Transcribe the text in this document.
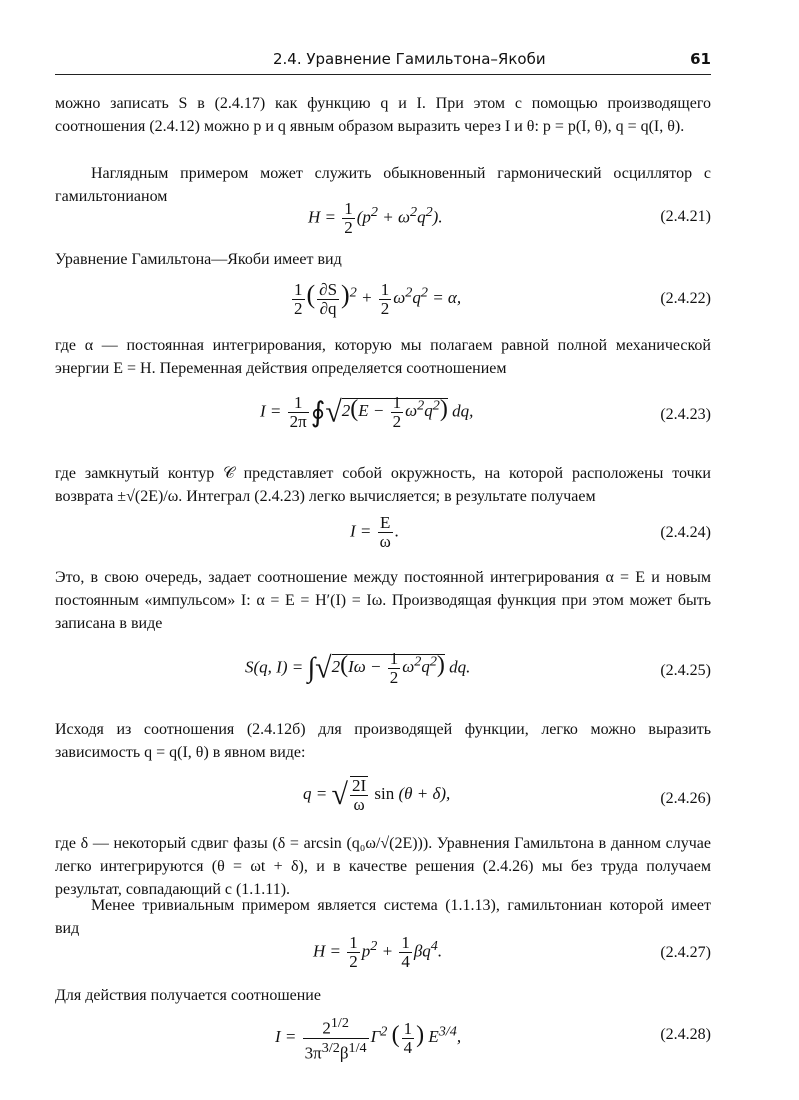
2.4. Уравнение Гамильтона–Якоби	61
можно записать S в (2.4.17) как функцию q и I. При этом с помощью производящего соотношения (2.4.12) можно p и q явным образом выразить через I и θ: p = p(I, θ), q = q(I, θ).
Наглядным примером может служить обыкновенный гармонический осциллятор с гамильтонианом
$H = \frac{1}{2} (p^2 + \omega^2q^2)$.	(2.4.21)
Уравнение Гамильтона—Якоби имеет вид
$\frac{1}{2}$ ( $\frac{\partial S}{\partial q} )^2 + \frac{1}{2} \omega^2q^2 = \alpha$,	(2.4.22)
где α — постоянная интегрирования, которую мы полагаем равной полной механической энергии E = H. Переменная действия определяется соотношением
$I = \frac{1}{2\pi}$ ∮√2(E − $\frac{1}{2} \omega^2q^2$) dq,	(2.4.23)
где замкнутый контур 𝒞 представляет собой окружность, на которой расположены точки возврата ±√(2E)/ω. Интеграл (2.4.23) легко вычисляется; в результате получаем
$I = \frac{E}{\omega}$ .	(2.4.24)
Это, в свою очередь, задает соотношение между постоянной интегрирования α = E и новым постоянным «импульсом» I: α = E = H′(I) = Iω. Производящая функция при этом может быть записана в виде
S(q, $I) = \int√2(I\omega - \frac{1}{2} \omega^2q^2)$ dq.	(2.4.25)
Исходя из соотношения (2.4.12б) для производящей функции, легко можно выразить зависимость q = q(I, θ) в явном виде:
q = √ $\frac{2I}{\omega}$ sin (θ + δ),	(2.4.26)
где δ — некоторый сдвиг фазы (δ = arcsin (q₀ω/√(2E))). Уравнения Гамильтона в данном случае легко интегрируются (θ = ωt + δ), и в качестве решения (2.4.26) мы без труда получаем результат, совпадающий с (1.1.11).
Менее тривиальным примером является система (1.1.13), гамильтониан которой имеет вид
$H = \frac{1}{2} p^2 + \frac{1}{4} \beta q^4$.	(2.4.27)
Для действия получается соотношение
$I = \frac{2^{1/2}}{3\pi^{3/2}\beta^{1/4}} \Gamma^2$ ( $\frac{1}{4}$ ) $E^{3/4}$,	(2.4.28)
